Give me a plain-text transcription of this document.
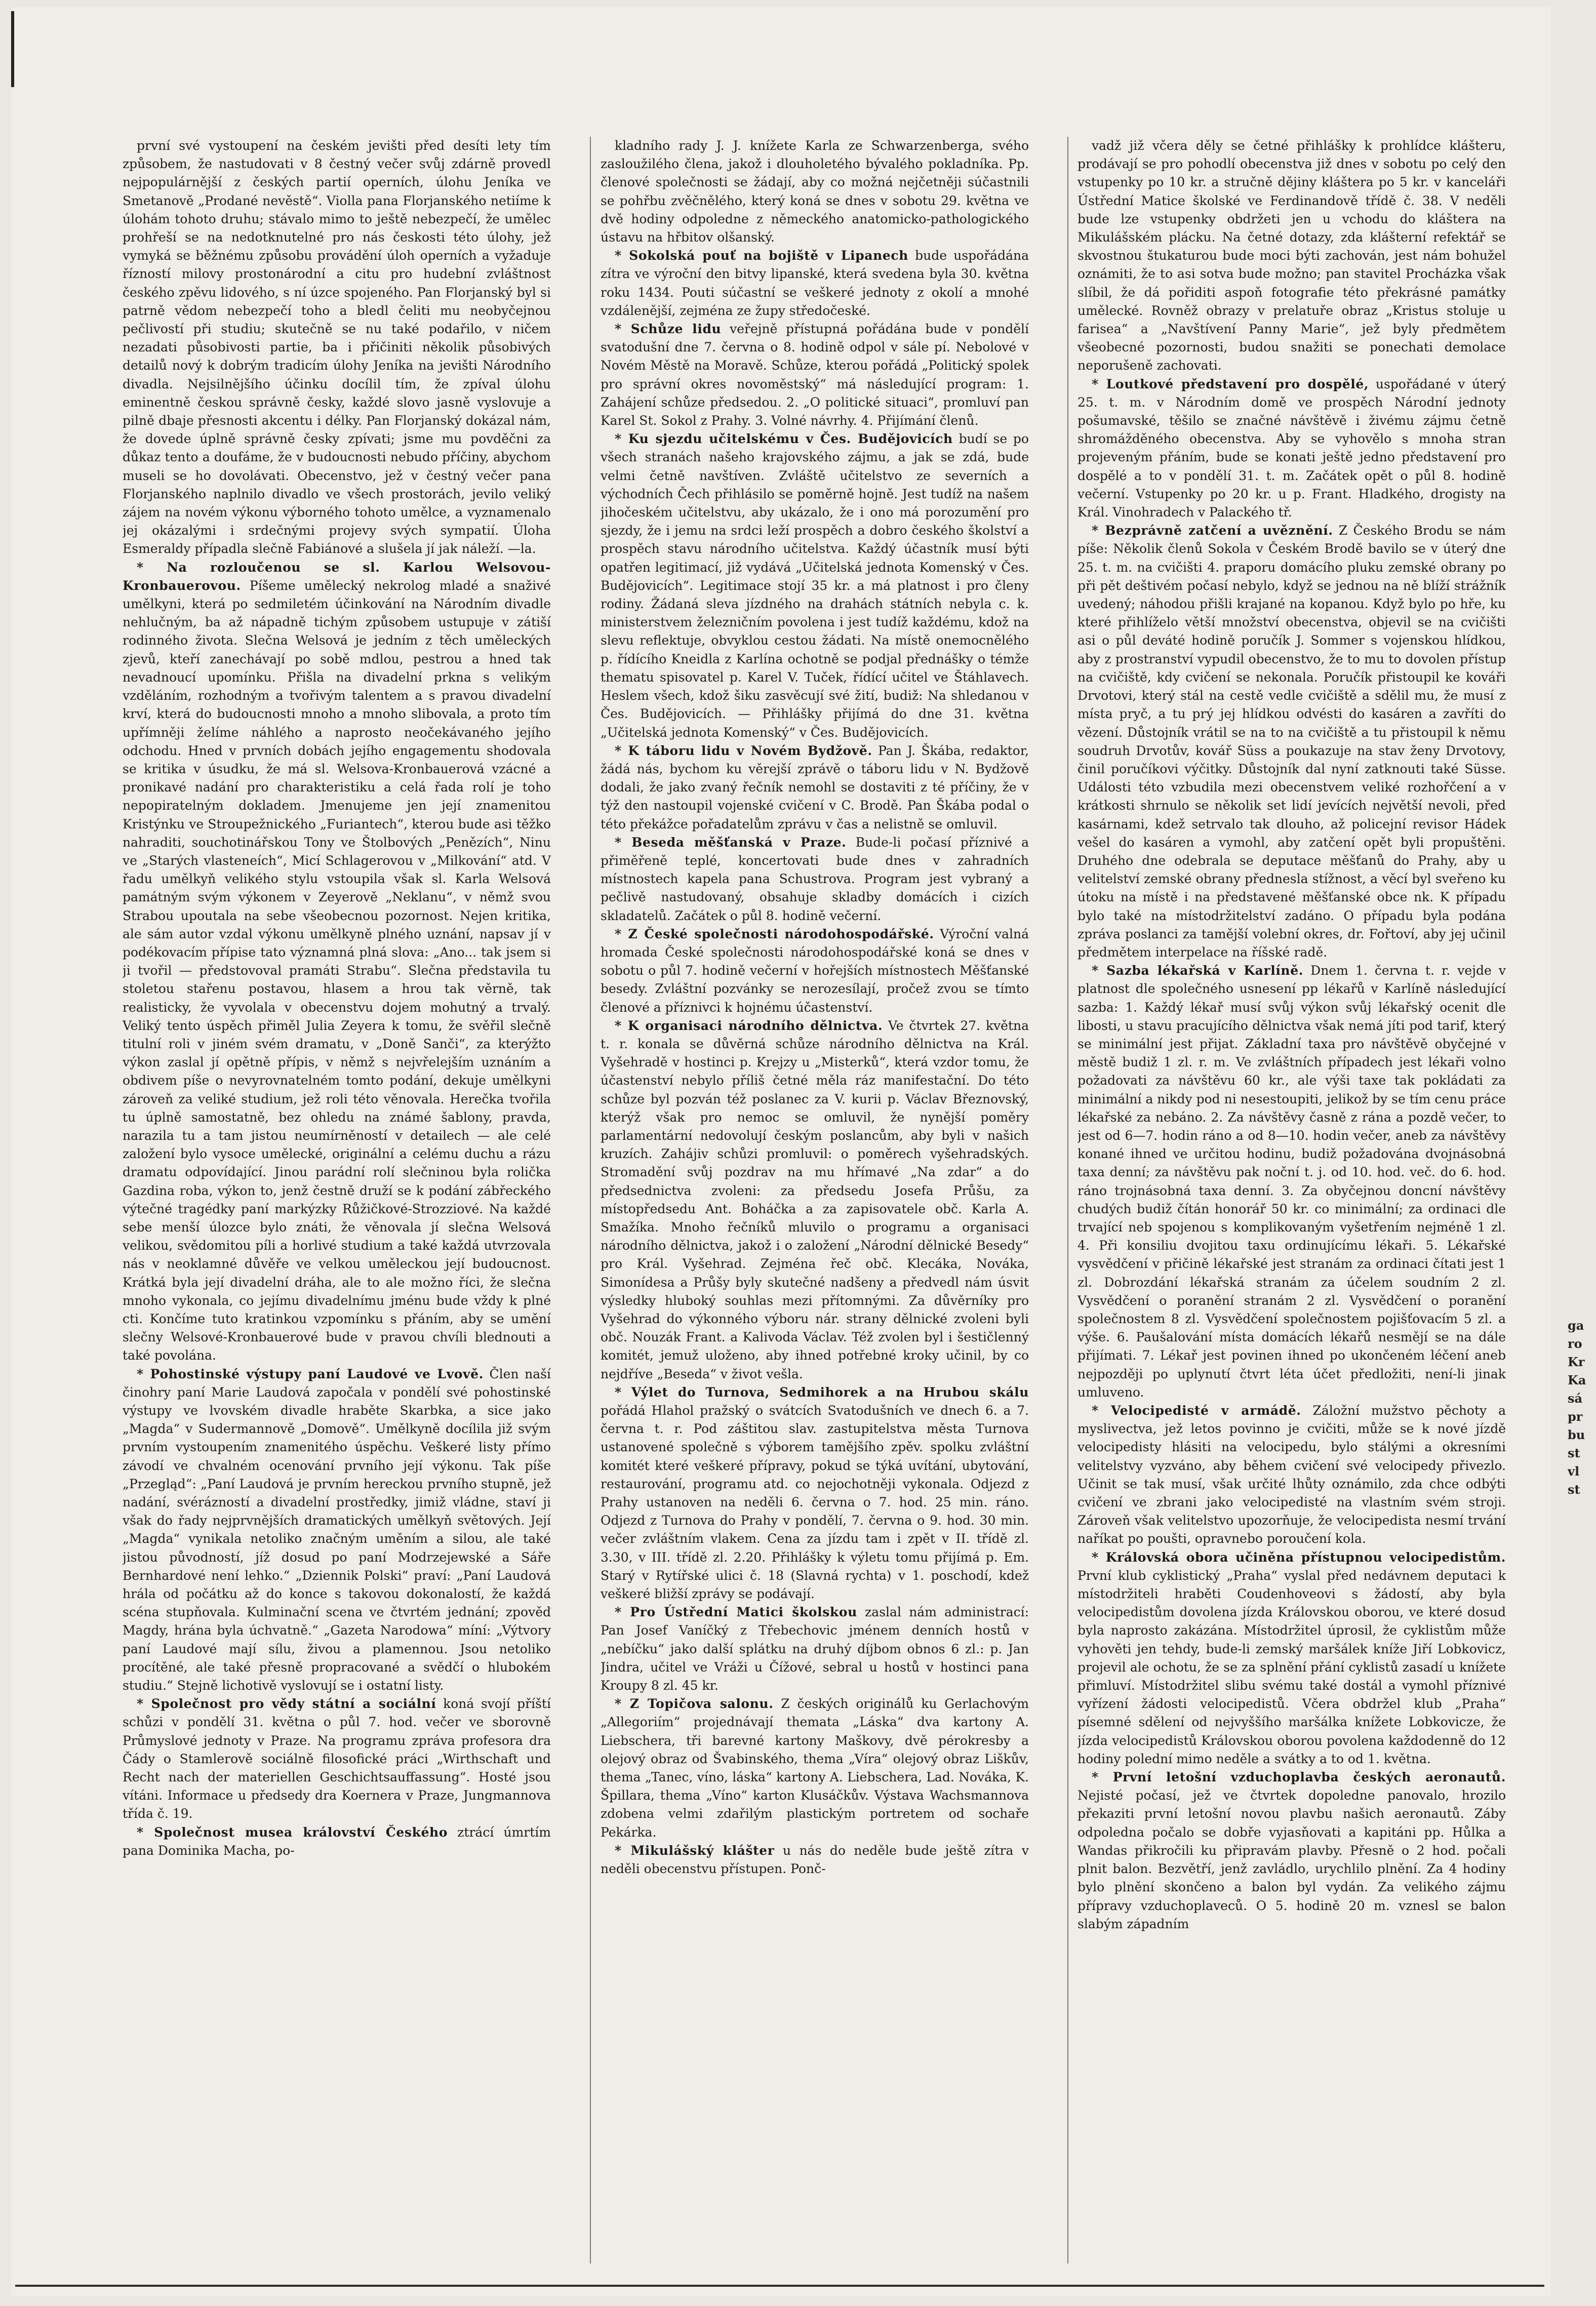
první své vystoupení na českém jevišti před desíti lety tím způsobem, že nastudovati v 8 čestný večer svůj zdárně provedl nejpopulárnější z českých partií operních, úlohu Jeníka ve Smetanově „Prodané nevěstě“. Violla pana Florjanského netiíme k úlohám tohoto druhu; stávalo mimo to ještě nebezpečí, že umělec prohřeší se na nedotknutelné pro nás českosti této úlohy, jež vymyká se běžnému způsobu provádění úloh operních a vyžaduje řízností milovy prostonárodní a citu pro hudební zvláštnost českého zpěvu lidového, s ní úzce spojeného. Pan Florjanský byl si patrně vědom nebezpečí toho a bledl čeliti mu neobyčejnou pečlivostí při studiu; skutečně se nu také podařilo, v ničem nezadati působivosti partie, ba i přičiniti několik působivých detailů nový k dobrým tradicím úlohy Jeníka na jevišti Národního divadla. Nejsilnějšího účinku docílil tím, že zpíval úlohu eminentně českou správně česky, každé slovo jasně vyslovuje a pilně dbaje přesnosti akcentu i délky. Pan Florjanský dokázal nám, že dovede úplně správně česky zpívati; jsme mu povděčni za důkaz tento a doufáme, že v budoucnosti nebudo příčiny, abychom museli se ho dovolávati. Obecenstvo, jež v čestný večer pana Florjanského naplnilo divadlo ve všech prostorách, jevilo veliký zájem na novém výkonu výborného tohoto umělce, a vyznamenalo jej okázalými i srdečnými projevy svých sympatií. Úloha Esmeraldy případla slečně Fabiánové a slušela jí jak náleží. —la.

* Na rozloučenou se sl. Karlou Welsovou-Kronbauerovou. Píšeme umělecký nekrolog mladé a snaživé umělkyni, která po sedmiletém účinkování na Národním divadle nehlučným, ba až nápadně tichým způsobem ustupuje v zátiší rodinného života. Slečna Welsová je jedním z těch uměleckých zjevů, kteří zanechávají po sobě mdlou, pestrou a hned tak nevadnoucí upomínku. Přišla na divadelní prkna s velikým vzděláním, rozhodným a tvořivým talentem a s pravou divadelní krví, která do budoucnosti mnoho a mnoho slibovala, a proto tím upřímněji želíme náhlého a naprosto neočekávaného jejího odchodu. Hned v prvních dobách jejího engagementu shodovala se kritika v úsudku, že má sl. Welsova-Kronbauerová vzácné a pronikavé nadání pro charakteristiku a celá řada rolí je toho nepopiratelným dokladem. Jmenujeme jen její znamenitou Kristýnku ve Stroupežnického „Furiantech“, kterou bude asi těžko nahraditi, souchotinářskou Tony ve Štolbových „Penězích“, Ninu ve „Starých vlasteneích“, Micí Schlagerovou v „Milkování“ atd. V řadu umělkyň velikého stylu vstoupila však sl. Karla Welsová památným svým výkonem v Zeyerově „Neklanu“, v němž svou Strabou upoutala na sebe všeobecnou pozornost. Nejen kritika, ale sám autor vzdal výkonu umělkyně plného uznání, napsav jí v podékovacím přípise tato významná plná slova: „Ano... tak jsem si ji tvořil — předstovoval pramáti Strabu“. Slečna představila tu stoletou stařenu postavou, hlasem a hrou tak věrně, tak realisticky, že vyvolala v obecenstvu dojem mohutný a trvalý. Veliký tento úspěch přiměl Julia Zeyera k tomu, že svěřil slečně titulní roli v jiném svém dramatu, v „Doně Sanči“, za kterýžto výkon zaslal jí opětně přípis, v němž s nejvřelejším uznáním a obdivem píše o nevyrovnatelném tomto podání, dekuje umělkyni zároveň za veliké studium, jež roli této věnovala. Herečka tvořila tu úplně samostatně, bez ohledu na známé šablony, pravda, narazila tu a tam jistou neumírněností v detailech — ale celé založení bylo vysoce umělecké, originální a celému duchu a rázu dramatu odpovídající. Jinou parádní rolí slečninou byla rolička Gazdina roba, výkon to, jenž čestně druží se k podání zábřeckého výtečné tragédky paní markýzky Růžičkové-Strozziové. Na každé sebe menší úlozce bylo znáti, že věnovala jí slečna Welsová velikou, svědomitou píli a horlivé studium a také každá utvrzovala nás v neoklamné důvěře ve velkou uměleckou její budoucnost. Krátká byla její divadelní dráha, ale to ale možno říci, že slečna mnoho vykonala, co jejímu divadelnímu jménu bude vždy k plné cti. Končíme tuto kratinkou vzpomínku s přáním, aby se umění slečny Welsové-Kronbauerové bude v pravou chvíli blednouti a také povolána.

* Pohostinské výstupy paní Laudové ve Lvově. Člen naší činohry paní Marie Laudová započala v pondělí své pohostinské výstupy ve lvovském divadle hraběte Skarbka, a sice jako „Magda“ v Sudermannově „Domově“. Umělkyně docílila již svým prvním vystoupením znamenitého úspěchu. Veškeré listy přímo závodí ve chvalném ocenování prvního její výkonu. Tak píše „Przegląd“: „Paní Laudová je prvním hereckou prvního stupně, jež nadání, svérázností a divadelní prostředky, jimiž vládne, staví ji však do řady nejprvnějších dramatických umělkyň světových. Její „Magda“ vynikala netoliko značným uměním a silou, ale také jistou původností, jíž dosud po paní Modrzejewské a Sáře Bernhardové není lehko.“ „Dziennik Polski“ praví: „Paní Laudová hrála od počátku až do konce s takovou dokonalostí, že každá scéna stupňovala. Kulminační scena ve čtvrtém jednání; zpověď Magdy, hrána byla úchvatně.“ „Gazeta Narodowa“ míní: „Výtvory paní Laudové mají sílu, živou a plamennou. Jsou netoliko procítěné, ale také přesně propracované a svědčí o hlubokém studiu.“ Stejně lichotivě vyslovují se i ostatní listy.

* Společnost pro vědy státní a sociální koná svojí příští schůzi v pondělí 31. května o půl 7. hod. večer ve sborovně Průmyslové jednoty v Praze. Na programu zpráva profesora dra Čády o Stamlerově sociálně filosofické práci „Wirthschaft und Recht nach der materiellen Geschichtsauffassung“. Hosté jsou vítáni. Informace u předsedy dra Koernera v Praze, Jungmannova třída č. 19.

* Společnost musea království Českého ztrácí úmrtím pana Dominika Macha, po-

kladního rady J. J. knížete Karla ze Schwarzenberga, svého zasloužilého člena, jakož i dlouholetého bývalého pokladníka. Pp. členové společnosti se žádají, aby co možná nejčetněji súčastnili se pohřbu zvěčnělého, který koná se dnes v sobotu 29. května ve dvě hodiny odpoledne z německého anatomicko-pathologického ústavu na hřbitov olšanský.

* Sokolská pouť na bojiště v Lipanech bude uspořádána zítra ve výroční den bitvy lipanské, která svedena byla 30. května roku 1434. Pouti súčastní se veškeré jednoty z okolí a mnohé vzdálenější, zejména ze župy středočeské.

* Schůze lidu veřejně přístupná pořádána bude v pondělí svatodušní dne 7. června o 8. hodině odpol v sále pí. Nebolové v Novém Městě na Moravě. Schůze, kterou pořádá „Politický spolek pro správní okres novoměstský“ má následující program: 1. Zahájení schůze předsedou. 2. „O politické situaci“, promluví pan Karel St. Sokol z Prahy. 3. Volné návrhy. 4. Přijímání členů.

* Ku sjezdu učitelskému v Čes. Budějovicích budí se po všech stranách našeho krajovského zájmu, a jak se zdá, bude velmi četně navštíven. Zvláště učitelstvo ze severních a východních Čech přihlásilo se poměrně hojně. Jest tudíž na našem jihočeském učitelstvu, aby ukázalo, že i ono má porozumění pro sjezdy, že i jemu na srdci leží prospěch a dobro českého školství a prospěch stavu národního učitelstva. Každý účastník musí býti opatřen legitimací, již vydává „Učitelská jednota Komenský v Čes. Budějovicích“. Legitimace stojí 35 kr. a má platnost i pro členy rodiny. Žádaná sleva jízdného na drahách státních nebyla c. k. ministerstvem železničním povolena i jest tudíž každému, kdož na slevu reflektuje, obvyklou cestou žádati. Na místě onemocnělého p. řídícího Kneidla z Karlína ochotně se podjal přednášky o témže thematu spisovatel p. Karel V. Tuček, řídící učitel ve Štáhlavech. Heslem všech, kdož šiku zasvěcují své žití, budiž: Na shledanou v Čes. Budějovicích. — Přihlášky přijímá do dne 31. května „Učitelská jednota Komenský“ v Čes. Budějovicích.

* K táboru lidu v Novém Bydžově. Pan J. Škába, redaktor, žádá nás, bychom ku věrejší zprávě o táboru lidu v N. Bydžově dodali, že jako zvaný řečník nemohl se dostaviti z té příčiny, že v týž den nastoupil vojenské cvičení v C. Brodě. Pan Škába podal o této překážce pořadatelům zprávu v čas a nelistně se omluvil.

* Beseda měšťanská v Praze. Bude-li počasí příznivé a přiměřeně teplé, koncertovati bude dnes v zahradních místnostech kapela pana Schustrova. Program jest vybraný a pečlivě nastudovaný, obsahuje skladby domácích i cizích skladatelů. Začátek o půl 8. hodině večerní.

* Z České společnosti národohospodářské. Výroční valná hromada České společnosti národohospodářské koná se dnes v sobotu o půl 7. hodině večerní v hořejších místnostech Měšťanské besedy. Zvláštní pozvánky se nerozesílají, pročež zvou se tímto členové a příznivci k hojnému účastenství.

* K organisaci národního dělnictva. Ve čtvrtek 27. května t. r. konala se důvěrná schůze národního dělnictva na Král. Vyšehradě v hostinci p. Krejzy u „Misterků“, která vzdor tomu, že účastenství nebylo příliš četné měla ráz manifestační. Do této schůze byl pozván též poslanec za V. kurii p. Václav Březnovský, kterýž však pro nemoc se omluvil, že nynější poměry parlamentární nedovolují českým poslancům, aby byli v našich kruzích. Zahájiv schůzi promluvil: o poměrech vyšehradských. Stromadění svůj pozdrav na mu hřímavé „Na zdar“ a do předsednictva zvoleni: za předsedu Josefa Průšu, za místopředsedu Ant. Boháčka a za zapisovatele obč. Karla A. Smažíka. Mnoho řečníků mluvilo o programu a organisaci národního dělnictva, jakož i o založení „Národní dělnické Besedy“ pro Král. Vyšehrad. Zejména řeč obč. Klecáka, Nováka, Simonídesa a Průšy byly skutečné nadšeny a předvedl nám úsvit výsledky hluboký souhlas mezi přítomnými. Za důvěrníky pro Vyšehrad do výkonného výboru nár. strany dělnické zvoleni byli obč. Nouzák Frant. a Kalivoda Václav. Též zvolen byl i šestičlenný komitét, jemuž uloženo, aby ihned potřebné kroky učinil, by co nejdříve „Beseda“ v život vešla.

* Výlet do Turnova, Sedmihorek a na Hrubou skálu pořádá Hlahol pražský o svátcích Svatodušních ve dnech 6. a 7. června t. r. Pod záštitou slav. zastupitelstva města Turnova ustanovené společně s výborem tamějšího zpěv. spolku zvláštní komitét které veškeré přípravy, pokud se týká uvítání, ubytování, restaurování, programu atd. co nejochotněji vykonala. Odjezd z Prahy ustanoven na neděli 6. června o 7. hod. 25 min. ráno. Odjezd z Turnova do Prahy v pondělí, 7. června o 9. hod. 30 min. večer zvláštním vlakem. Cena za jízdu tam i zpět v II. třídě zl. 3.30, v III. třídě zl. 2.20. Přihlášky k výletu tomu přijímá p. Em. Starý v Rytířské ulici č. 18 (Slavná rychta) v 1. poschodí, kdež veškeré bližší zprávy se podávají.

* Pro Ústřední Matici školskou zaslal nám administrací: Pan Josef Vaníčký z Třebechovic jménem denních hostů v „nebíčku“ jako další splátku na druhý díjbom obnos 6 zl.: p. Jan Jindra, učitel ve Vráži u Čížové, sebral u hostů v hostinci pana Kroupy 8 zl. 45 kr.

* Z Topičova salonu. Z českých originálů ku Gerlachovým „Allegoriím“ projednávají themata „Láska“ dva kartony A. Liebschera, tři barevné kartony Maškovy, dvě pérokresby a olejový obraz od Švabinského, thema „Víra“ olejový obraz Liškův, thema „Tanec, víno, láska“ kartony A. Liebschera, Lad. Nováka, K. Špillara, thema „Víno“ karton Klusáčkův. Výstava Wachsmannova zdobena velmi zdařilým plastickým portretem od sochaře Pekárka.

* Mikulášský klášter u nás do neděle bude ještě zítra v neděli obecenstvu přístupen. Ponč-

vadž již včera děly se četné přihlášky k prohlídce klášteru, prodávají se pro pohodlí obecenstva již dnes v sobotu po celý den vstupenky po 10 kr. a stručně dějiny kláštera po 5 kr. v kanceláři Ústřední Matice školské ve Ferdinandově třídě č. 38. V neděli bude lze vstupenky obdržeti jen u vchodu do kláštera na Mikulášském plácku. Na četné dotazy, zda klášterní refektář se skvostnou štukaturou bude moci býti zachován, jest nám bohužel oznámiti, že to asi sotva bude možno; pan stavitel Procházka však slíbil, že dá pořiditi aspoň fotografie této překrásné památky umělecké. Rovněž obrazy v prelatuře obraz „Kristus stoluje u farisea“ a „Navštívení Panny Marie“, jež byly předmětem všeobecné pozornosti, budou snažiti se ponechati demolace neporušeně zachovati.

* Loutkové představení pro dospělé, uspořádané v úterý 25. t. m. v Národním domě ve prospěch Národní jednoty pošumavské, těšilo se značné návštěvě i živému zájmu četně shromážděného obecenstva. Aby se vyhovělo s mnoha stran projeveným přáním, bude se konati ještě jedno představení pro dospělé a to v pondělí 31. t. m. Začátek opět o půl 8. hodině večerní. Vstupenky po 20 kr. u p. Frant. Hladkého, drogisty na Král. Vinohradech v Palackého tř.

* Bezprávně zatčení a uvěznění. Z Českého Brodu se nám píše: Několik členů Sokola v Českém Brodě bavilo se v úterý dne 25. t. m. na cvičišti 4. praporu domácího pluku zemské obrany po při pět deštivém počasí nebylo, když se jednou na ně blíží strážník uvedený; náhodou přišli krajané na kopanou. Když bylo po hře, ku které přihlíželo větší množství obecenstva, objevil se na cvičišti asi o půl deváté hodině poručík J. Sommer s vojenskou hlídkou, aby z prostranství vypudil obecenstvo, že to mu to dovolen přístup na cvičiště, kdy cvičení se nekonala. Poručík přistoupil ke kováři Drvotovi, který stál na cestě vedle cvičiště a sdělil mu, že musí z místa pryč, a tu prý jej hlídkou odvésti do kasáren a zavříti do vězení. Důstojník vrátil se na to na cvičiště a tu přistoupil k němu soudruh Drvotův, kovář Süss a poukazuje na stav ženy Drvotovy, činil poručíkovi výčitky. Důstojník dal nyní zatknouti také Süsse. Události této vzbudila mezi obecenstvem veliké rozhořčení a v krátkosti shrnulo se několik set lidí jevících největší nevoli, před kasárnami, kdež setrvalo tak dlouho, až policejní revisor Hádek vešel do kasáren a vymohl, aby zatčení opět byli propuštěni. Druhého dne odebrala se deputace měšťanů do Prahy, aby u velitelství zemské obrany přednesla stížnost, a věcí byl sveřeno ku útoku na místě i na představené měšťanské obce nk. K případu bylo také na místodržitelství zadáno. O případu byla podána zpráva poslanci za tamější volební okres, dr. Fořtoví, aby jej učinil předmětem interpelace na říšské radě.

* Sazba lékařská v Karlíně. Dnem 1. června t. r. vejde v platnost dle společného usnesení pp lékařů v Karlíně následující sazba: 1. Každý lékař musí svůj výkon svůj lékařský ocenit dle libosti, u stavu pracujícího dělnictva však nemá jíti pod tarif, který se minimální jest přijat. Základní taxa pro návštěvě obyčejné v městě budiž 1 zl. r. m. Ve zvláštních případech jest lékaři volno požadovati za návštěvu 60 kr., ale výši taxe tak pokládati za minimální a nikdy pod ni nesestoupiti, jelikož by se tím cenu práce lékařské za nebáno. 2. Za návštěvy časně z rána a pozdě večer, to jest od 6—7. hodin ráno a od 8—10. hodin večer, aneb za návštěvy konané ihned ve určitou hodinu, budiž požadována dvojnásobná taxa denní; za návštěvu pak noční t. j. od 10. hod. več. do 6. hod. ráno trojnásobná taxa denní. 3. Za obyčejnou doncní návštěvy chudých budiž čítán honorář 50 kr. co minimální; za ordinaci dle trvající neb spojenou s komplikovaným vyšetřením nejméně 1 zl. 4. Při konsiliu dvojitou taxu ordinujícímu lékaři. 5. Lékařské vysvědčení v přičině lékařské jest stranám za ordinaci čítati jest 1 zl. Dobrozdání lékařská stranám za účelem soudním 2 zl. Vysvědčení o poranění stranám 2 zl. Vysvědčení o poranění společnostem 8 zl. Vysvědčení společnostem pojišťovacím 5 zl. a výše. 6. Paušalování místa domácích lékařů nesmějí se na dále přijímati. 7. Lékař jest povinen ihned po ukončeném léčení aneb nejpozději po uplynutí čtvrt léta účet předložiti, není-li jinak umluveno.

* Velocipedisté v armádě. Záložní mužstvo pěchoty a myslivectva, jež letos povinno je cvičiti, může se k nové jízdě velocipedisty hlásiti na velocipedu, bylo stálými a okresními velitelstvy vyzváno, aby během cvičení své velocipedy přivezlo. Učinit se tak musí, však určité lhůty oznámilo, zda chce odbýti cvičení ve zbrani jako velocipedisté na vlastním svém stroji. Zároveň však velitelstvo upozorňuje, že velocipedista nesmí trvání naříkat po poušti, opravnebo poroučení kola.

* Královská obora učiněna přístupnou velocipedistům. První klub cyklistický „Praha“ vyslal před nedávnem deputaci k místodržiteli hraběti Coudenhoveovi s žádostí, aby byla velocipedistům dovolena jízda Královskou oborou, ve které dosud byla naprosto zakázána. Místodržitel úprosil, že cyklistům může vyhověti jen tehdy, bude-li zemský maršálek kníže Jiří Lobkovicz, projevil ale ochotu, že se za splnění přání cyklistů zasadí u knížete přimluví. Místodržitel slibu svému také dostál a vymohl příznivé vyřízení žádosti velocipedistů. Včera obdržel klub „Praha“ písemné sdělení od nejvyššího maršálka knížete Lobkovicze, že jízda velocipedistů Královskou oborou povolena každodenně do 12 hodiny polední mimo neděle a svátky a to od 1. května.

* První letošní vzduchoplavba českých aeronautů. Nejisté počasí, jež ve čtvrtek dopoledne panovalo, hrozilo překaziti první letošní novou plavbu našich aeronautů. Záby odpoledna počalo se dobře vyjasňovati a kapitáni pp. Hůlka a Wandas přikročili ku připravám plavby. Přesně o 2 hod. počali plnit balon. Bezvětří, jenž zavládlo, urychlilo plnění. Za 4 hodiny bylo plnění skončeno a balon byl vydán. Za velikého zájmu přípravy vzduchoplaveců. O 5. hodině 20 m. vznesl se balon slabým západním

ga
ro
Kr
Ka
sá
pr
bu
st
vl
st
